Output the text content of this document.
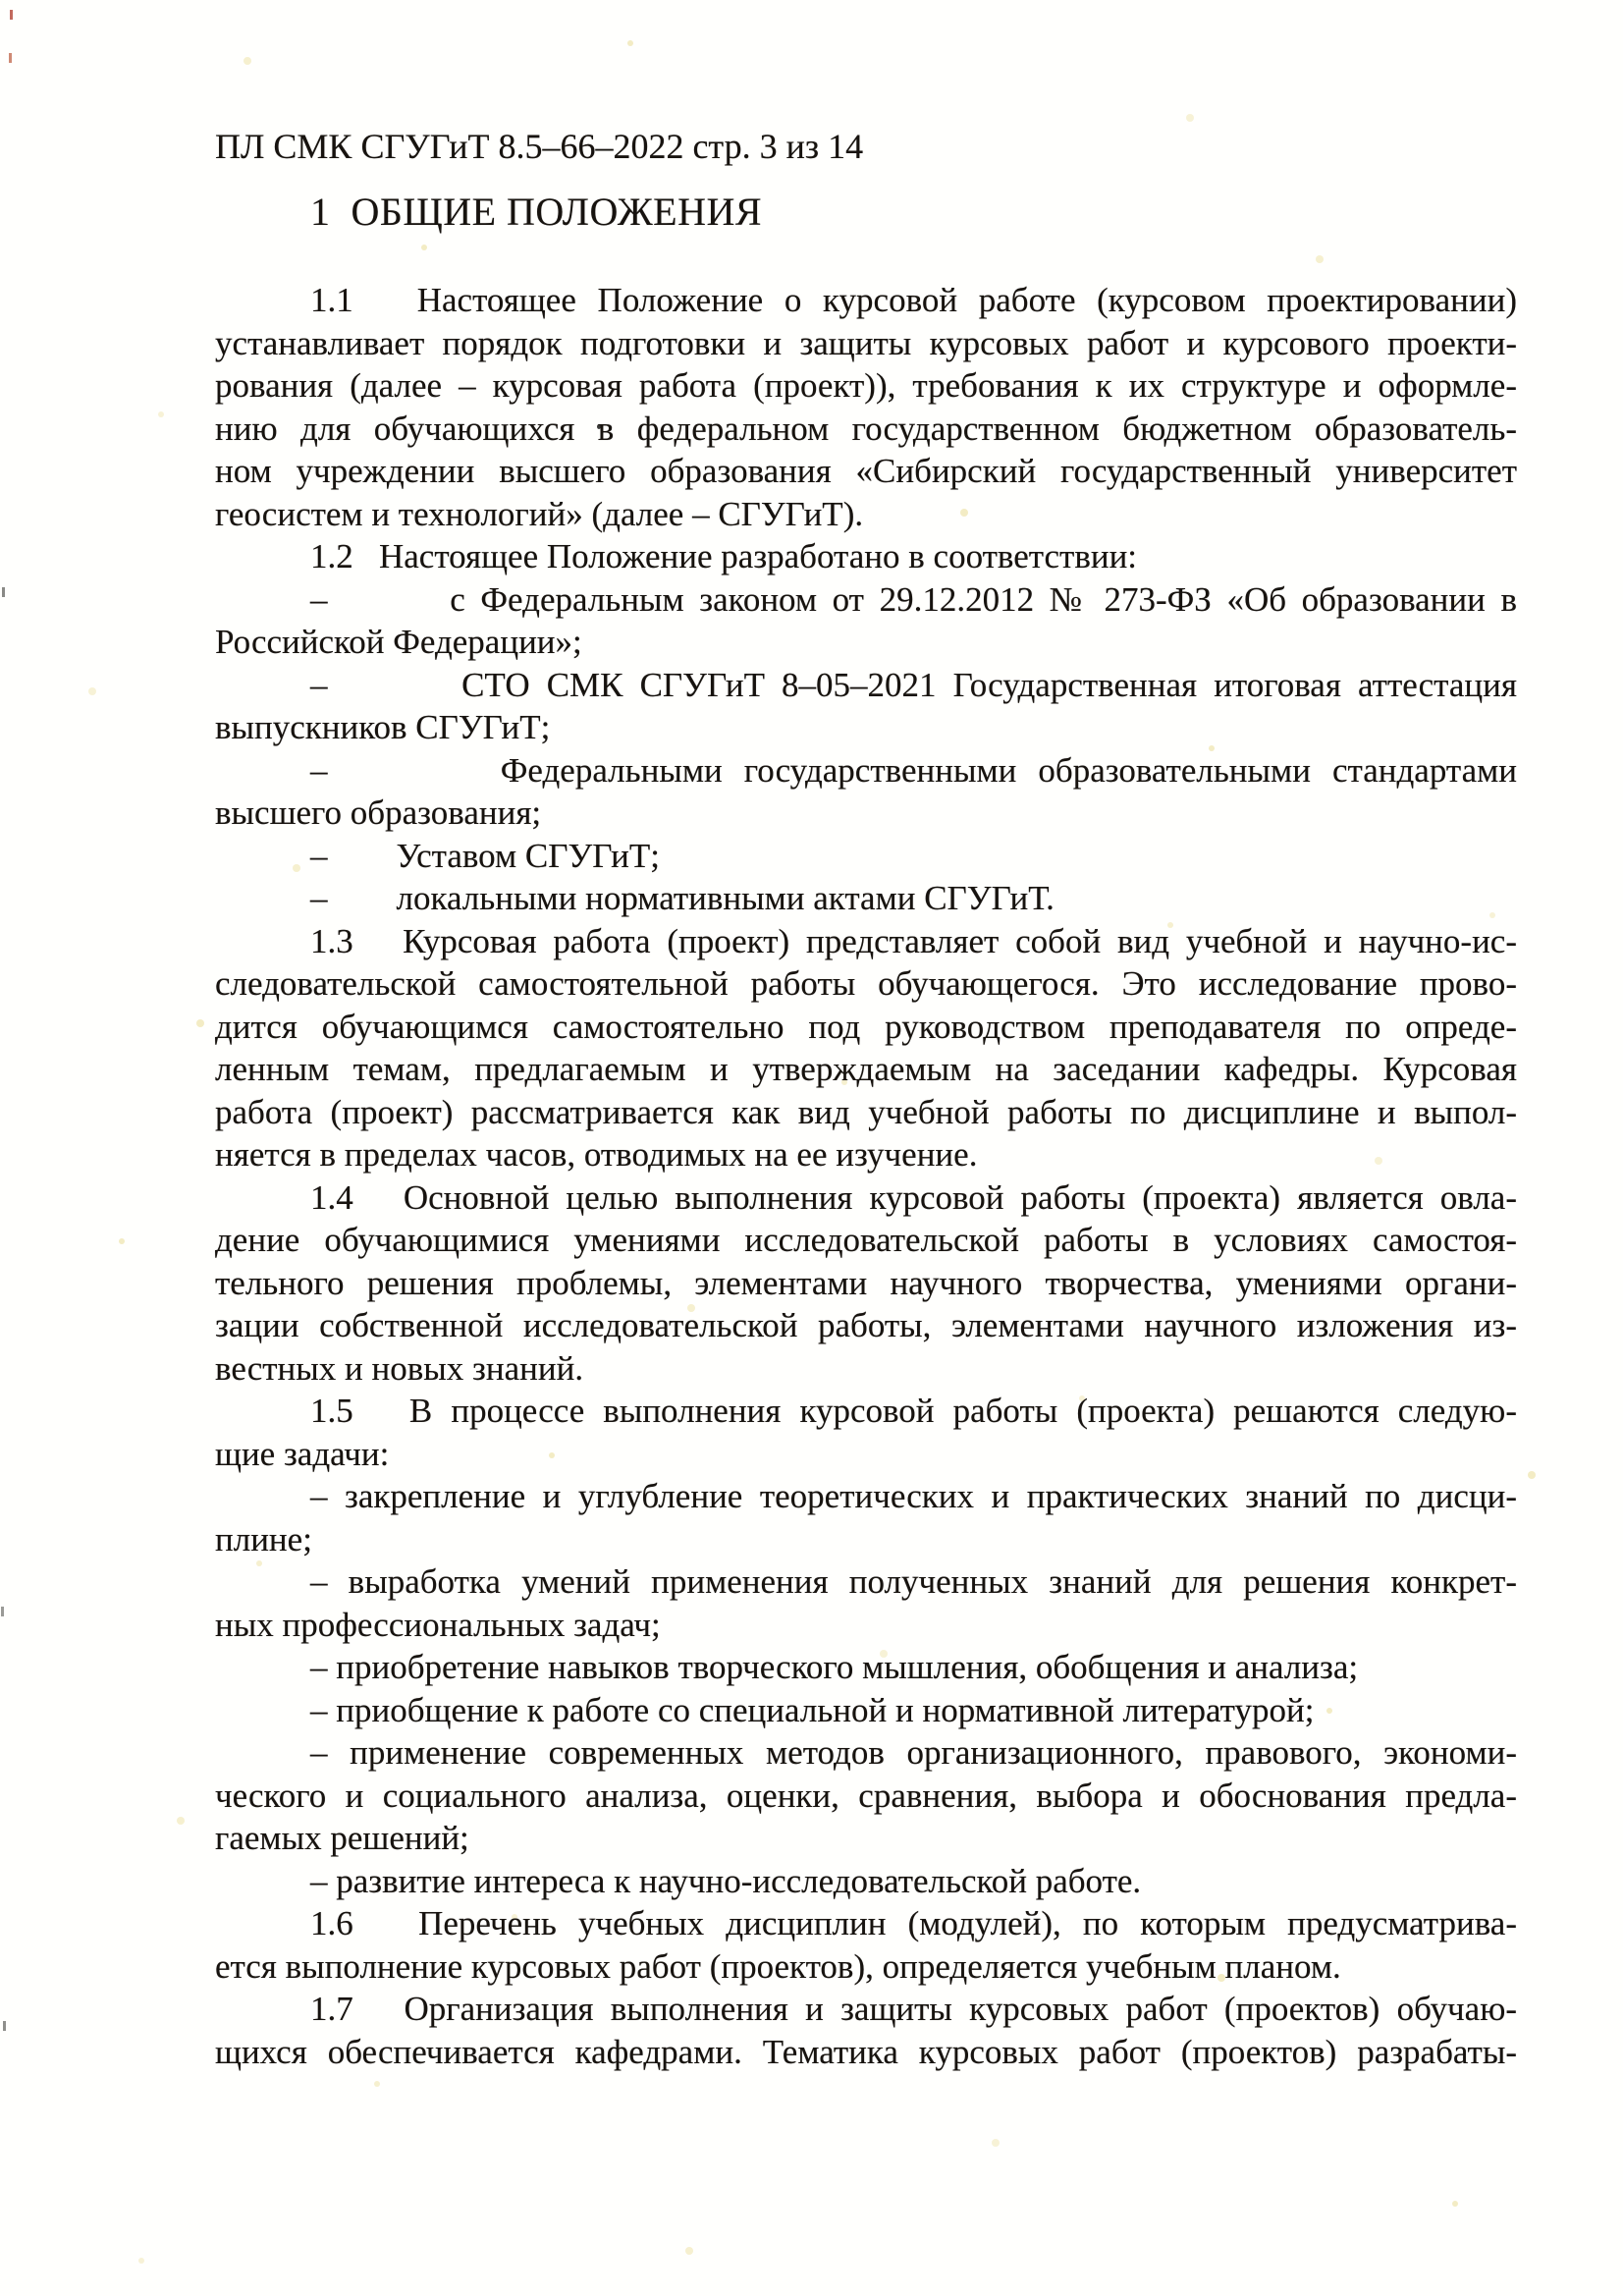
ПЛ СМК СГУГиТ 8.5–66–2022 стр. 3 из 14
1  ОБЩИЕ ПОЛОЖЕНИЯ
1.1   Настоящее Положение о курсовой работе (курсовом проектировании)
устанавливает порядок подготовки и защиты курсовых работ и курсового проекти-
рования (далее – курсовая работа (проект)), требования к их структуре и оформле-
нию для обучающихся в федеральном государственном бюджетном образователь-
ном учреждении высшего образования «Сибирский государственный университет
геосистем и технологий» (далее – СГУГиТ).
1.2   Настоящее Положение разработано в соответствии:
–        с Федеральным законом от 29.12.2012 № 273-ФЗ «Об образовании в
Российской Федерации»;
–        СТО СМК СГУГиТ 8–05–2021 Государственная итоговая аттестация
выпускников СГУГиТ;
–        Федеральными государственными образовательными стандартами
высшего образования;
–        Уставом СГУГиТ;
–        локальными нормативными актами СГУГиТ.
1.3   Курсовая работа (проект) представляет собой вид учебной и научно-ис-
следовательской самостоятельной работы обучающегося. Это исследование прово-
дится обучающимся самостоятельно под руководством преподавателя по опреде-
ленным темам, предлагаемым и утверждаемым на заседании кафедры. Курсовая
работа (проект) рассматривается как вид учебной работы по дисциплине и выпол-
няется в пределах часов, отводимых на ее изучение.
1.4   Основной целью выполнения курсовой работы (проекта) является овла-
дение обучающимися умениями исследовательской работы в условиях самостоя-
тельного решения проблемы, элементами научного творчества, умениями органи-
зации собственной исследовательской работы, элементами научного изложения из-
вестных и новых знаний.
1.5   В процессе выполнения курсовой работы (проекта) решаются следую-
щие задачи:
– закрепление и углубление теоретических и практических знаний по дисци-
плине;
– выработка умений применения полученных знаний для решения конкрет-
ных профессиональных задач;
– приобретение навыков творческого мышления, обобщения и анализа;
– приобщение к работе со специальной и нормативной литературой;
– применение современных методов организационного, правового, экономи-
ческого и социального анализа, оценки, сравнения, выбора и обоснования предла-
гаемых решений;
– развитие интереса к научно-исследовательской работе.
1.6   Перечень учебных дисциплин (модулей), по которым предусматрива-
ется выполнение курсовых работ (проектов), определяется учебным планом.
1.7   Организация выполнения и защиты курсовых работ (проектов) обучаю-
щихся обеспечивается кафедрами. Тематика курсовых работ (проектов) разрабаты-
